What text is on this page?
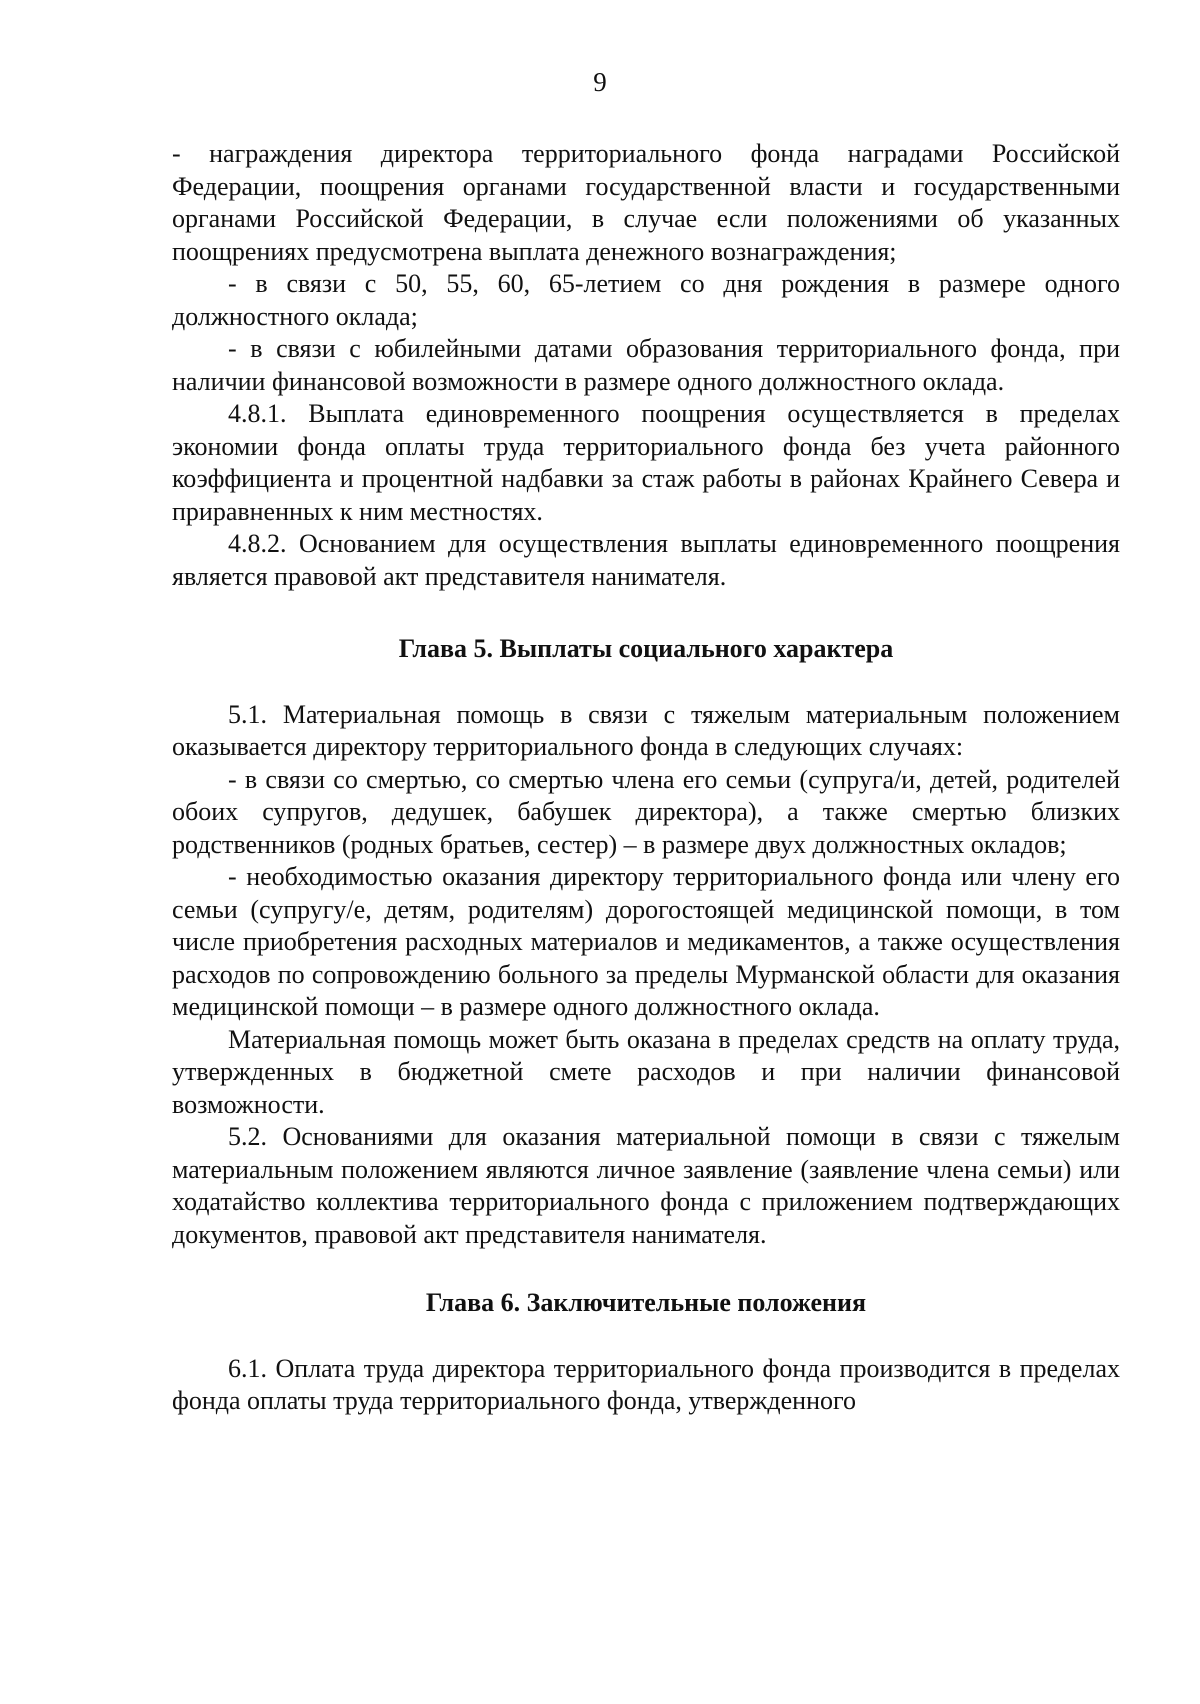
9

- награждения директора территориального фонда наградами Российской Федерации, поощрения органами государственной власти и государственными органами Российской Федерации, в случае если положениями об указанных поощрениях предусмотрена выплата денежного вознаграждения;

- в связи с 50, 55, 60, 65-летием со дня рождения в размере одного должностного оклада;

- в связи с юбилейными датами образования территориального фонда, при наличии финансовой возможности в размере одного должностного оклада.

4.8.1. Выплата единовременного поощрения осуществляется в пределах экономии фонда оплаты труда территориального фонда без учета районного коэффициента и процентной надбавки за стаж работы в районах Крайнего Севера и приравненных к ним местностях.

4.8.2. Основанием для осуществления выплаты единовременного поощрения является правовой акт представителя нанимателя.

Глава 5. Выплаты социального характера

5.1. Материальная помощь в связи с тяжелым материальным положением оказывается директору территориального фонда в следующих случаях:

- в связи со смертью, со смертью члена его семьи (супруга/и, детей, родителей обоих супругов, дедушек, бабушек директора), а также смертью близких родственников (родных братьев, сестер) – в размере двух должностных окладов;

- необходимостью оказания директору территориального фонда или члену его семьи (супругу/е, детям, родителям) дорогостоящей медицинской помощи, в том числе приобретения расходных материалов и медикаментов, а также осуществления расходов по сопровождению больного за пределы Мурманской области для оказания медицинской помощи – в размере одного должностного оклада.

Материальная помощь может быть оказана в пределах средств на оплату труда, утвержденных в бюджетной смете расходов и при наличии финансовой возможности.

5.2. Основаниями для оказания материальной помощи в связи с тяжелым материальным положением являются личное заявление (заявление члена семьи) или ходатайство коллектива территориального фонда с приложением подтверждающих документов, правовой акт представителя нанимателя.

Глава 6. Заключительные положения

6.1. Оплата труда директора территориального фонда производится в пределах фонда оплаты труда территориального фонда, утвержденного
